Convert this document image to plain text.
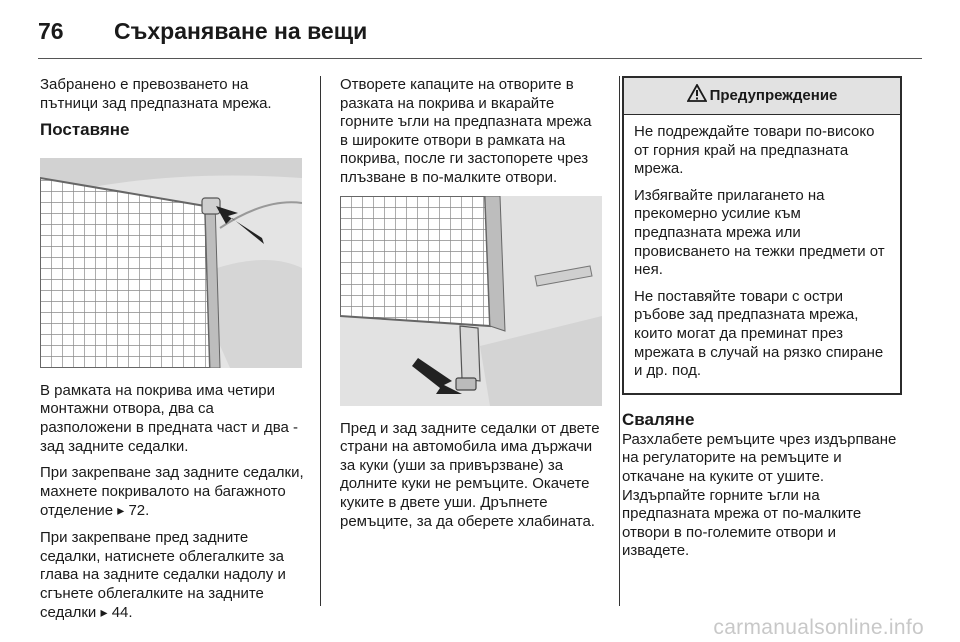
76	Съхраняване на вещи

Забранено е превозването на пътници зад предпазната мрежа.

Поставяне

В рамката на покрива има четири монтажни отвора, два са разположени в предната част и два - зад задните седалки.

При закрепване зад задните седалки, махнете покривалото на багажното отделение ▸ 72.

При закрепване пред задните седалки, натиснете облегалките за глава на задните седалки надолу и сгънете облегалките на задните седалки ▸ 44.

Отворете капаците на отворите в разката на покрива и вкарайте горните ъгли на предпазната мрежа в широките отвори в рамката на покрива, после ги застопорете чрез плъзване в по-малките отвори.

Пред и зад задните седалки от двете страни на автомобила има държачи за куки (уши за привързване) за долните куки не ремъците. Окачете куките в двете уши. Дръпнете ремъците, за да оберете хлабината.

Предупреждение

Не подреждайте товари по-високо от горния край на предпазната мрежа.

Избягвайте прилагането на прекомерно усилие към предпазната мрежа или провисването на тежки предмети от нея.

Не поставяйте товари с остри ръбове зад предпазната мрежа, които могат да преминат през мрежата в случай на рязко спиране и др. под.

Сваляне

Разхлабете ремъците чрез издърпване на регулаторите на ремъците и откачане на куките от ушите. Издърпайте горните ъгли на предпазната мрежа от по-малките отвори в по-големите отвори и извадете.

carmanualsonline.info
